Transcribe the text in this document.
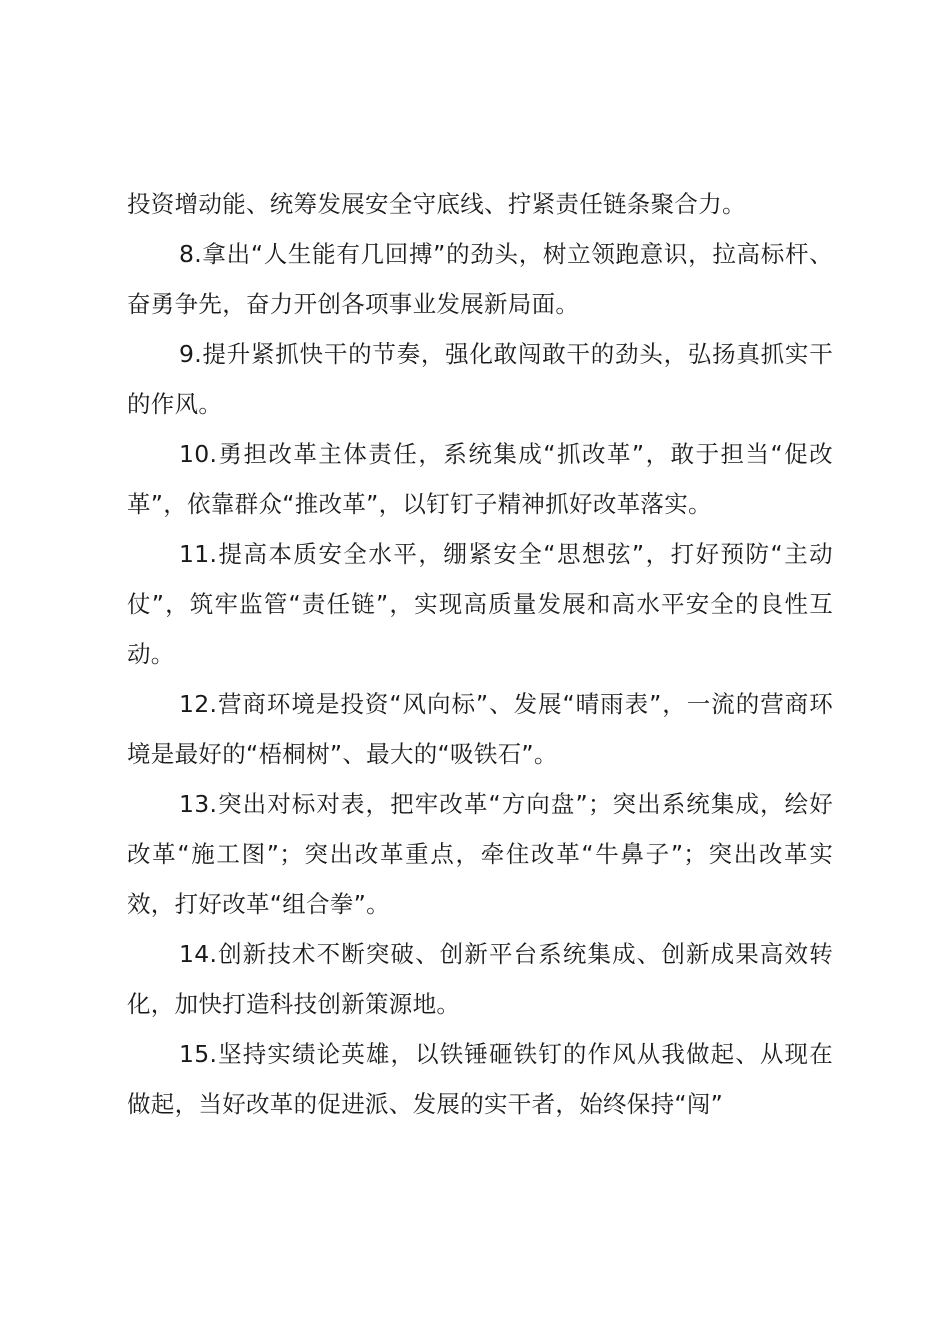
投资增动能、统筹发展安全守底线、拧紧责任链条聚合力。

8.拿出“人生能有几回搏”的劲头，树立领跑意识，拉高标杆、奋勇争先，奋力开创各项事业发展新局面。

9.提升紧抓快干的节奏，强化敢闯敢干的劲头，弘扬真抓实干的作风。

10.勇担改革主体责任，系统集成“抓改革”，敢于担当“促改革”，依靠群众“推改革”，以钉钉子精神抓好改革落实。

11.提高本质安全水平，绷紧安全“思想弦”，打好预防“主动仗”，筑牢监管“责任链”，实现高质量发展和高水平安全的良性互动。

12.营商环境是投资“风向标”、发展“晴雨表”，一流的营商环境是最好的“梧桐树”、最大的“吸铁石”。

13.突出对标对表，把牢改革“方向盘”；突出系统集成，绘好改革“施工图”；突出改革重点，牵住改革“牛鼻子”；突出改革实效，打好改革“组合拳”。

14.创新技术不断突破、创新平台系统集成、创新成果高效转化，加快打造科技创新策源地。

15.坚持实绩论英雄，以铁锤砸铁钉的作风从我做起、从现在做起，当好改革的促进派、发展的实干者，始终保持“闯”
